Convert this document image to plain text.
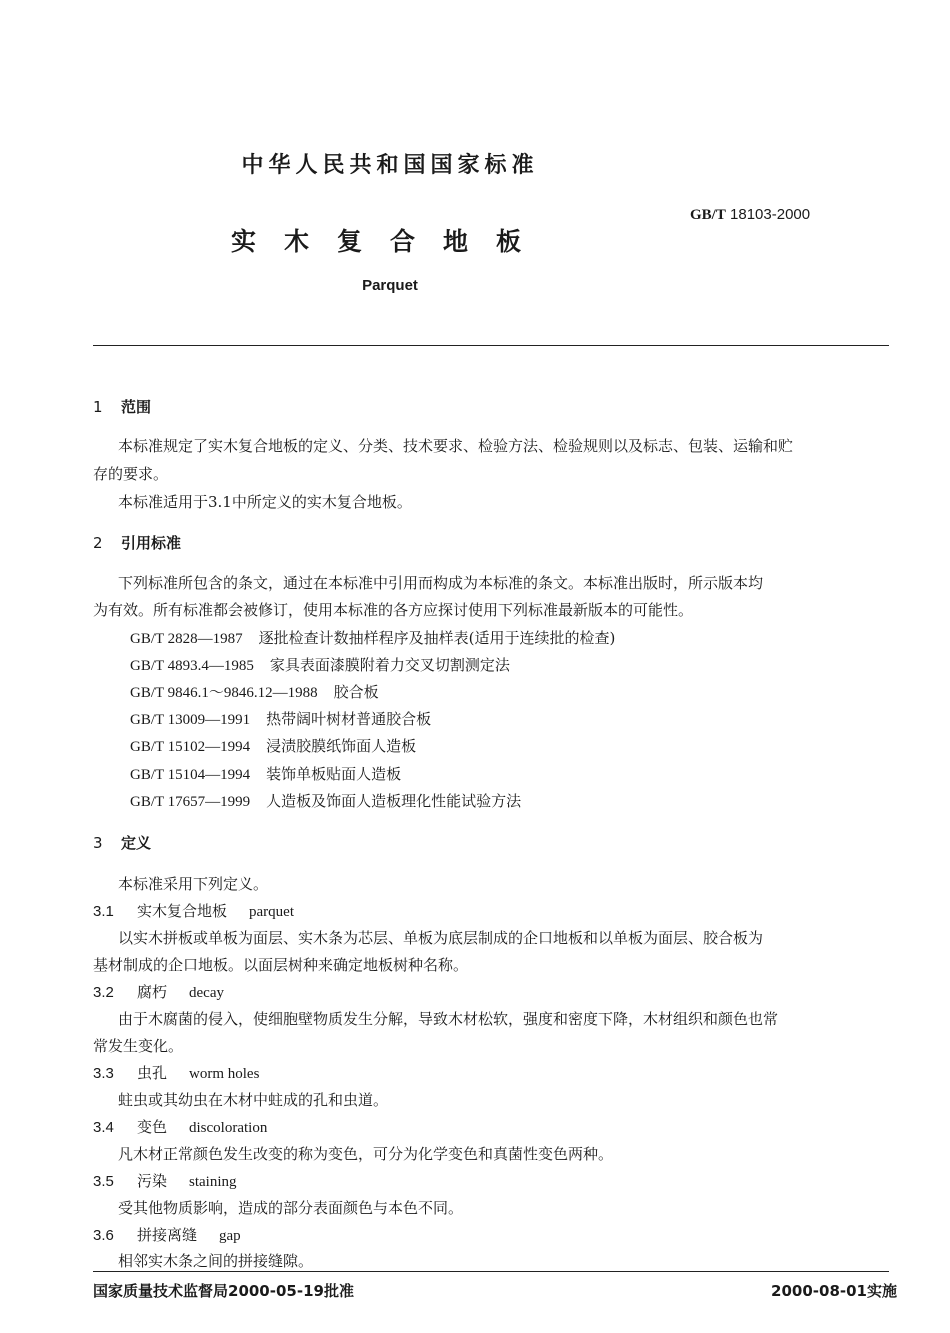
中华人民共和国国家标准
GB/T 18103-2000
实木复合地板
Parquet
1 范围
本标准规定了实木复合地板的定义、分类、技术要求、检验方法、检验规则以及标志、包装、运输和贮
存的要求。
本标准适用于3.1中所定义的实木复合地板。
2 引用标准
下列标准所包含的条文，通过在本标准中引用而构成为本标准的条文。本标准出版时，所示版本均
为有效。所有标准都会被修订，使用本标准的各方应探讨使用下列标准最新版本的可能性。
GB/T 2828—1987 逐批检查计数抽样程序及抽样表(适用于连续批的检查)
GB/T 4893.4—1985 家具表面漆膜附着力交叉切割测定法
GB/T 9846.1～9846.12—1988 胶合板
GB/T 13009—1991 热带阔叶树材普通胶合板
GB/T 15102—1994 浸渍胶膜纸饰面人造板
GB/T 15104—1994 装饰单板贴面人造板
GB/T 17657—1999 人造板及饰面人造板理化性能试验方法
3 定义
本标准采用下列定义。
3.1 实木复合地板 parquet
以实木拼板或单板为面层、实木条为芯层、单板为底层制成的企口地板和以单板为面层、胶合板为
基材制成的企口地板。以面层树种来确定地板树种名称。
3.2 腐朽 decay
由于木腐菌的侵入，使细胞壁物质发生分解，导致木材松软，强度和密度下降，木材组织和颜色也常
常发生变化。
3.3 虫孔 worm holes
蛀虫或其幼虫在木材中蛀成的孔和虫道。
3.4 变色 discoloration
凡木材正常颜色发生改变的称为变色，可分为化学变色和真菌性变色两种。
3.5 污染 staining
受其他物质影响，造成的部分表面颜色与本色不同。
3.6 拼接离缝 gap
相邻实木条之间的拼接缝隙。
国家质量技术监督局2000-05-19批准	2000-08-01实施
